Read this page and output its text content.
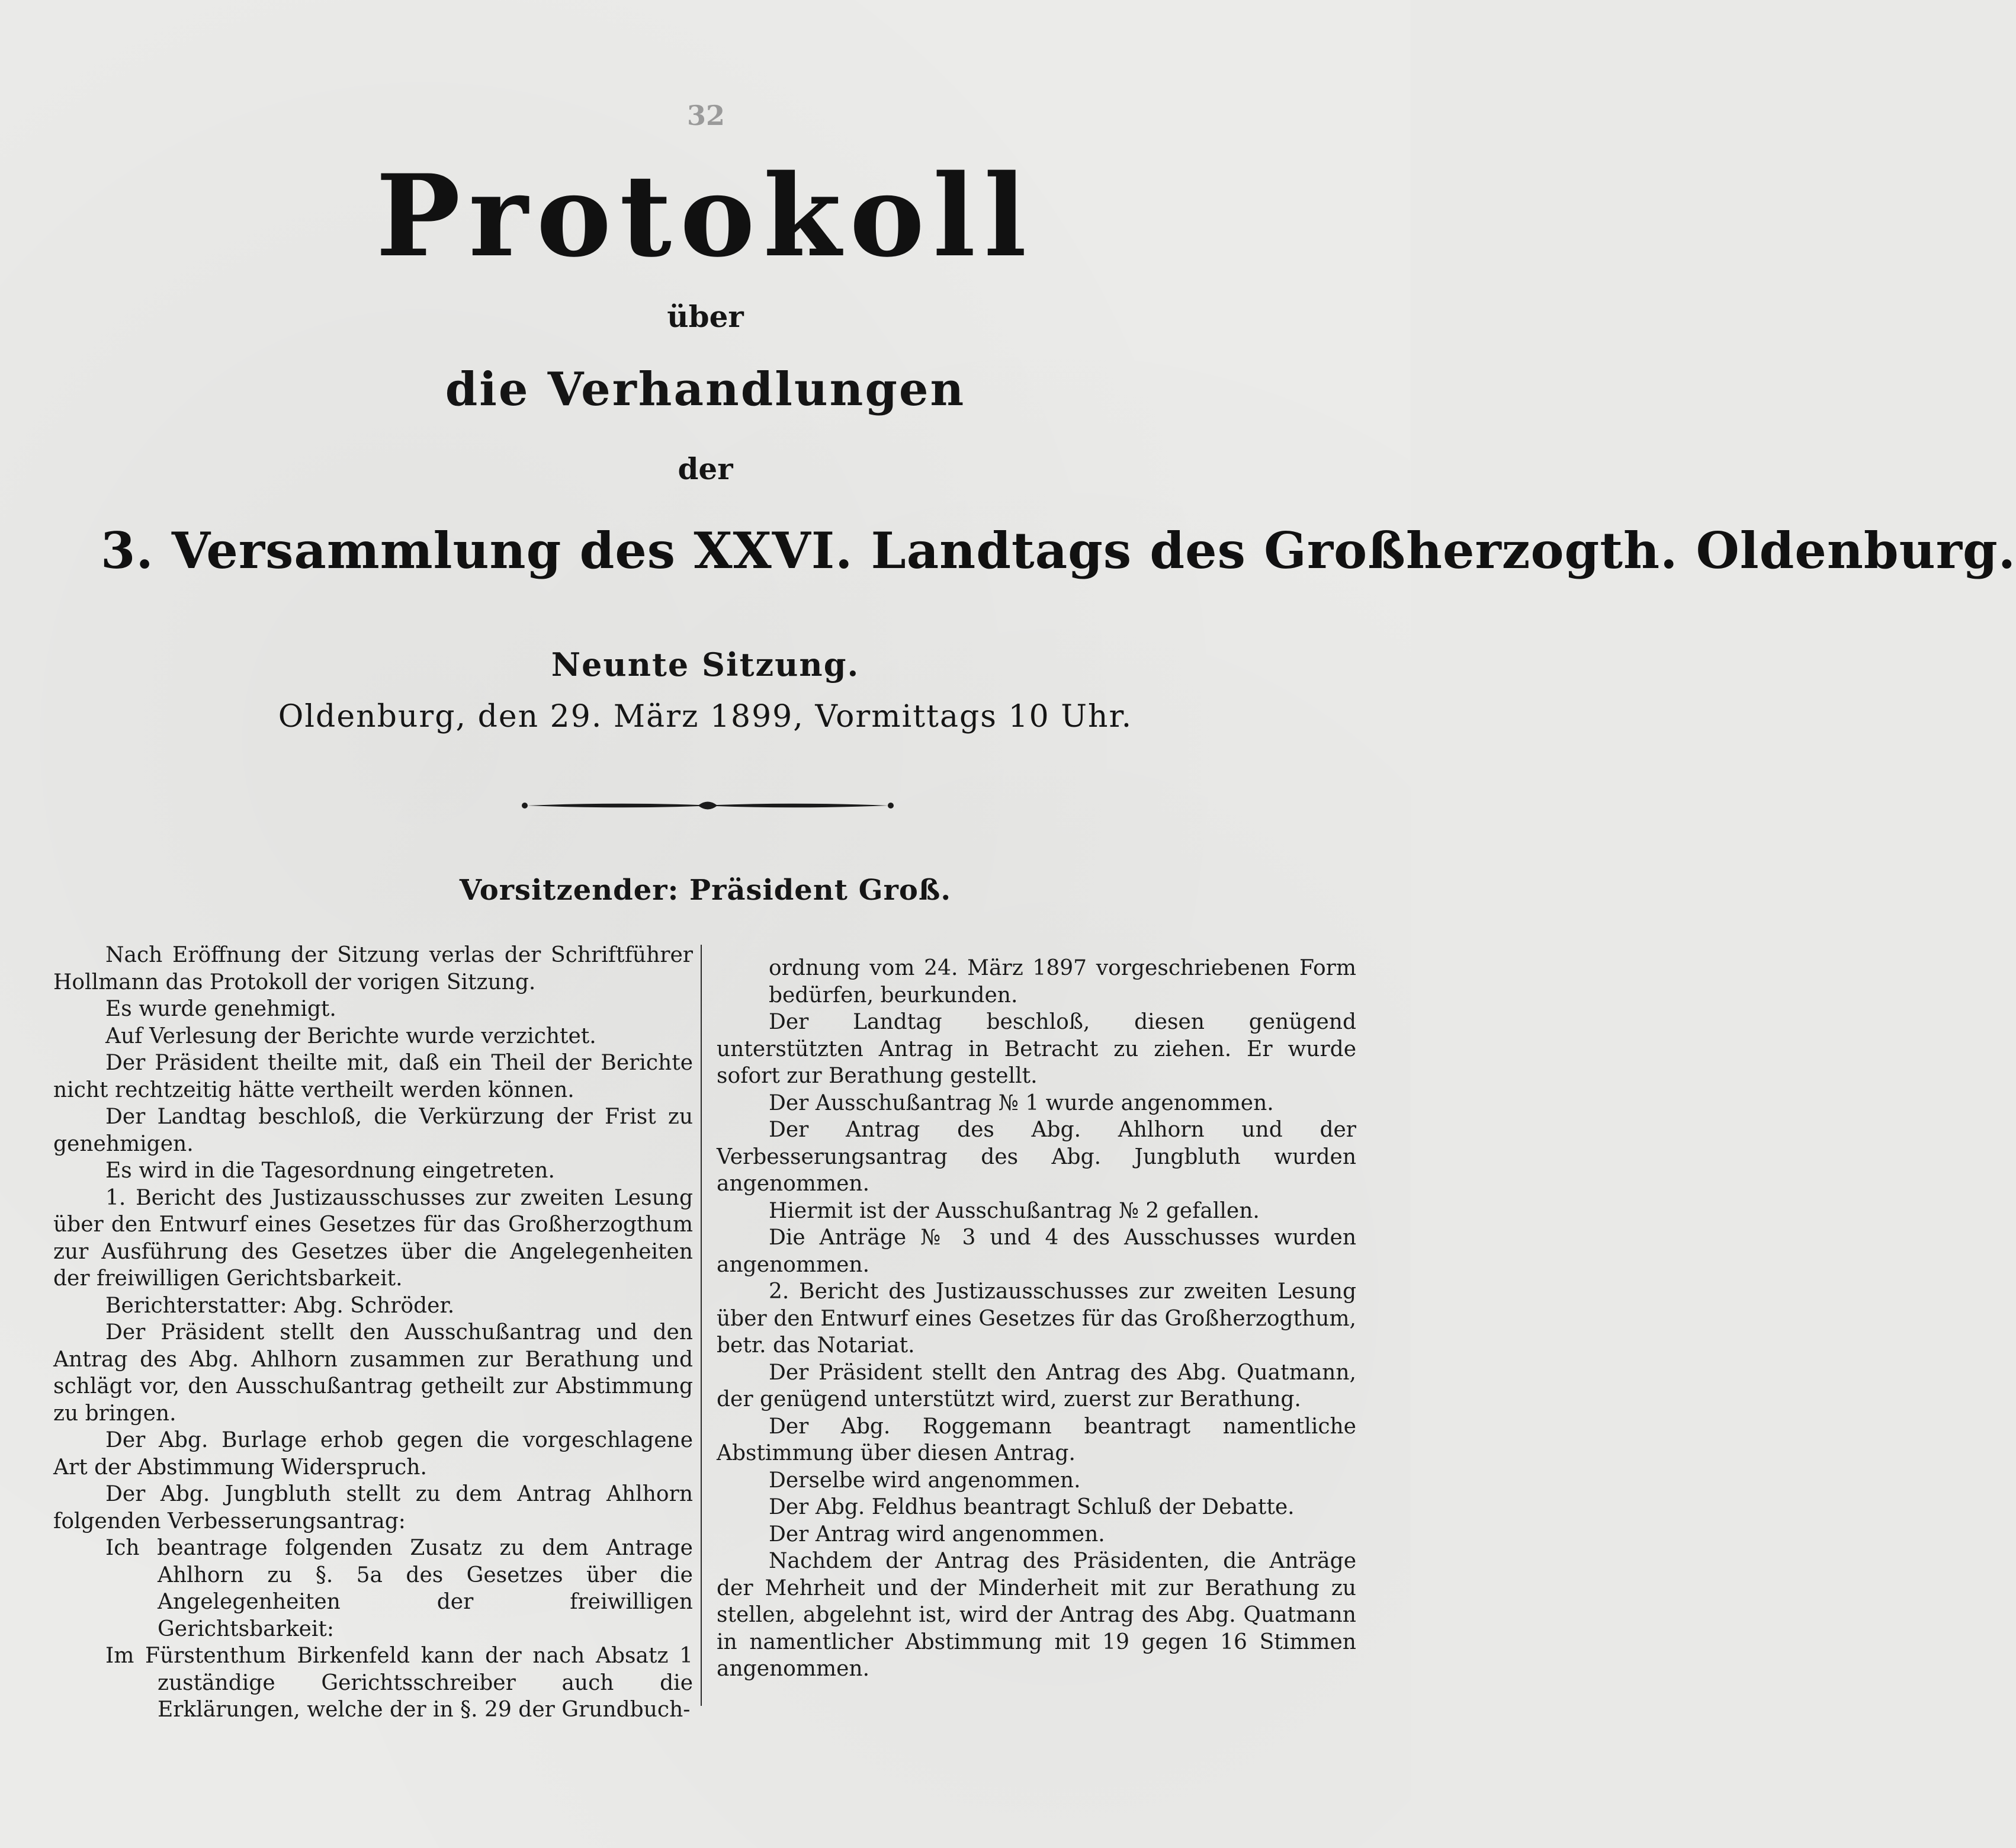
32
Protokoll
über
die Verhandlungen
der
3. Versammlung des XXVI. Landtags des Großherzogth. Oldenburg.
Neunte Sitzung.
Oldenburg, den 29. März 1899, Vormittags 10 Uhr.
Vorsitzender: Präsident Groß.

Nach Eröffnung der Sitzung verlas der Schriftführer Hollmann das Protokoll der vorigen Sitzung.

Es wurde genehmigt.

Auf Verlesung der Berichte wurde verzichtet.

Der Präsident theilte mit, daß ein Theil der Berichte nicht rechtzeitig hätte vertheilt werden können.

Der Landtag beschloß, die Verkürzung der Frist zu genehmigen.

Es wird in die Tagesordnung eingetreten.

1. Bericht des Justizausschusses zur zweiten Lesung über den Entwurf eines Gesetzes für das Großherzogthum zur Ausführung des Gesetzes über die Angelegenheiten der freiwilligen Gerichtsbarkeit.

Berichterstatter: Abg. Schröder.

Der Präsident stellt den Ausschußantrag und den Antrag des Abg. Ahlhorn zusammen zur Berathung und schlägt vor, den Ausschußantrag getheilt zur Abstimmung zu bringen.

Der Abg. Burlage erhob gegen die vorgeschlagene Art der Abstimmung Widerspruch.

Der Abg. Jungbluth stellt zu dem Antrag Ahlhorn folgenden Verbesserungsantrag:

Ich beantrage folgenden Zusatz zu dem Antrage Ahlhorn zu §. 5a des Gesetzes über die Angelegenheiten der freiwilligen Gerichtsbarkeit:

Im Fürstenthum Birkenfeld kann der nach Absatz 1 zuständige Gerichtsschreiber auch die Erklärungen, welche der in §. 29 der Grundbuch-

ordnung vom 24. März 1897 vorgeschriebenen Form bedürfen, beurkunden.

Der Landtag beschloß, diesen genügend unterstützten Antrag in Betracht zu ziehen. Er wurde sofort zur Berathung gestellt.

Der Ausschußantrag № 1 wurde angenommen.

Der Antrag des Abg. Ahlhorn und der Verbesserungsantrag des Abg. Jungbluth wurden angenommen.

Hiermit ist der Ausschußantrag № 2 gefallen.

Die Anträge № 3 und 4 des Ausschusses wurden angenommen.

2. Bericht des Justizausschusses zur zweiten Lesung über den Entwurf eines Gesetzes für das Großherzogthum, betr. das Notariat.

Der Präsident stellt den Antrag des Abg. Quatmann, der genügend unterstützt wird, zuerst zur Berathung.

Der Abg. Roggemann beantragt namentliche Abstimmung über diesen Antrag.

Derselbe wird angenommen.

Der Abg. Feldhus beantragt Schluß der Debatte.

Der Antrag wird angenommen.

Nachdem der Antrag des Präsidenten, die Anträge der Mehrheit und der Minderheit mit zur Berathung zu stellen, abgelehnt ist, wird der Antrag des Abg. Quatmann in namentlicher Abstimmung mit 19 gegen 16 Stimmen angenommen.
